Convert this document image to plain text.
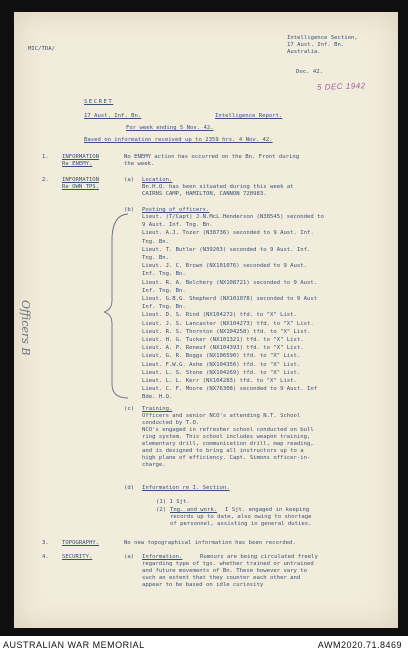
MIC/TDA/
Intelligence Section,
17 Aust. Inf. Bn.
Australia.
Doc. 42.
5 DEC 1942
SECRET
17 Aust. Inf. Bn.	Intelligence Report.
For week ending 5 Nov. 42.
Based on information received up to 2359 hrs. 4 Nov. 42.
1. INFORMATION
Re ENEMY.
No ENEMY action has occurred on the Bn. Front during
the week.
2. INFORMATION
Re OWN TPS.
(a) Location.
Bn.H.Q. has been situated during this week at
CAIRNS CAMP, HAMILTON, CANNON 720983.
(b) Posting of officers.
Lieut. (T/Capt) J.N.McL.Henderson (N38545) seconded to
9 Aust. Inf. Tng. Bn.
Lieut. A.J. Tozer (N38736) seconded to 9 Aust. Inf.
Tng. Bn.
Lieut. T. Butler (N39203) seconded to 9 Aust. Inf.
Tng. Bn.
Lieut. J. C. Brown (NX101076) seconded to 9 Aust.
Inf. Tng. Bn.
Lieut. R. A. Belchery (NX108721) seconded to 9 Aust.
Inf. Tng. Bn.
Lieut. G.B.G. Shepherd (NX101078) seconded to 9 Aust
Inf. Tng. Bn.
Lieut. D. S. Rind (NX104272) tfd. to "X" List.
Lieut. J. S. Lancaster (NX104273) tfd. to "X" List.
Lieut. R. S. Thornton (NX104258) tfd. to "X" List.
Lieut. H. G. Tucker (NX101321) tfd. to "X" List.
Lieut. A. P. Reneuf (NX104393) tfd. to "X" List.
Lieut. G. R. Boggs (NX106590) tfd. to "X" List.
Lieut. F.W.G. Ashe (NX104356) tfd. to "X" List.
Lieut. L. S. Stone (NX104269) tfd. to "X" List.
Lieut. L. L. Kerr (NX104283) tfd. to "X" List.
Lieut. C. F. Moore (NX76308) seconded to 9 Aust. Inf
Bde. H.Q.
(c) Training.
Officers and senior NCO's attending N.T. School
conducted by T.O.
NCO's engaged in refresher school conducted on bull
ring system. This school includes weapon training,
elementary drill, communication drill, map reading,
and is designed to bring all instructors up to a
high plane of efficiency. Capt. Simons officer-in-
charge.
(d) Information re I. Section.
(1) 1 Sjt.
(2) Tng. and work. I Sjt. engaged in keeping
records up to date, also owing to shortage
of personnel, assisting in general duties.
3. TOPOGRAPHY.	No new topographical information has been recorded.
4. SECURITY.	(a) Information.	Rumours are being circulated freely
regarding type of tgs. whether trained or untrained
and future movements of Bn. These however vary to
such an extent that they counter each other and
appear to be based on idle curiosity
Officers B
AUSTRALIAN WAR MEMORIAL	AWM2020.71.8469
